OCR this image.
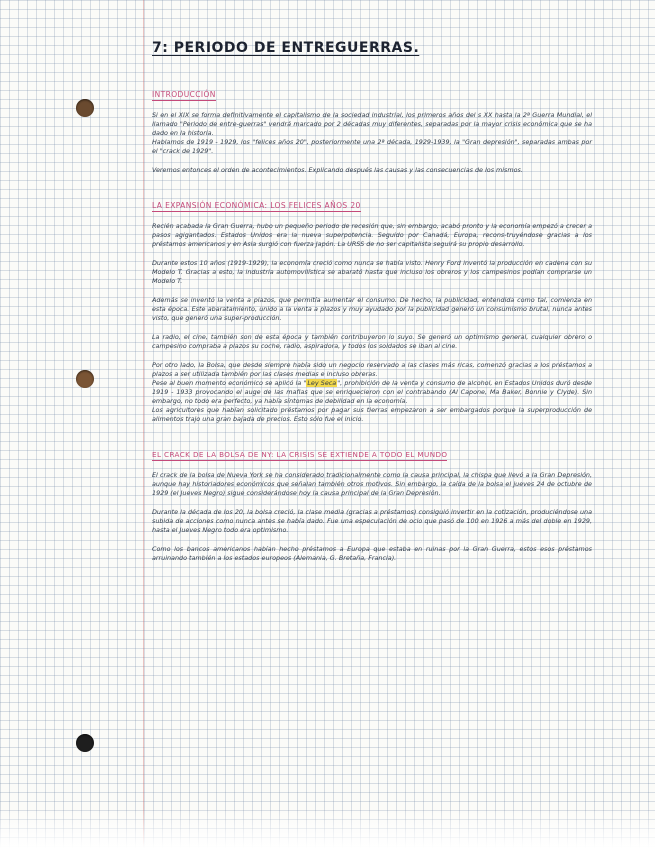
7: PERIODO DE ENTREGUERRAS.
INTRODUCCIÓN

Si en el XIX se forma definitivamente el capitalismo de la sociedad industrial, los primeros años del s XX hasta la 2ª Guerra Mundial, el llamado "Periodo de entre-guerras" vendrá marcado por 2 décadas muy diferentes, separadas por la mayor crisis económica que se ha dado en la historia.

Hablamos de 1919 - 1929, los "felices años 20", posteriormente una 2ª década, 1929-1939, la "Gran depresión", separadas ambas por el "crack de 1929".

Veremos entonces el orden de acontecimientos. Explicando después las causas y las consecuencias de los mismos.

LA EXPANSIÓN ECONÓMICA: LOS FELICES AÑOS 20

Recién acabada la Gran Guerra, hubo un pequeño periodo de recesión que, sin embargo, acabó pronto y la economía empezó a crecer a pasos agigantados. Estados Unidos era la nueva superpotencia. Seguido por Canadá, Europa, recons-truyéndose gracias a los préstamos americanos y en Asia surgió con fuerza Japón. La URSS de no ser capitalista seguirá su propio desarrollo.

Durante estos 10 años (1919-1929), la economía creció como nunca se había visto. Henry Ford inventó la producción en cadena con su Modelo T. Gracias a esto, la industria automovilística se abarató hasta que incluso los obreros y los campesinos podían comprarse un Modelo T.

Además se inventó la venta a plazos, que permitía aumentar el consumo. De hecho, la publicidad, entendida como tal, comienza en esta época. Este abaratamiento, unido a la venta a plazos y muy ayudado por la publicidad generó un consumismo brutal, nunca antes visto, que generó una super-producción.

La radio, el cine, también son de esta época y también contribuyeron lo suyo. Se generó un optimismo general, cualquier obrero o campesino compraba a plazos su coche, radio, aspiradora, y todos los soldados se iban al cine.

Por otro lado, la Bolsa, que desde siempre había sido un negocio reservado a las clases más ricas, comenzó gracias a los préstamos a plazos a ser utilizada también por las clases medias e incluso obreras.

Pese al buen momento económico se aplicó la "Ley Seca", prohibición de la venta y consumo de alcohol, en Estados Unidos duró desde 1919 - 1933 provocando el auge de las mafias que se enriquecieron con el contrabando (Al Capone, Ma Baker, Bonnie y Clyde). Sin embargo, no todo era perfecto, ya había síntomas de debilidad en la economía.

Los agricultores que habían solicitado préstamos por pagar sus tierras empezaron a ser embargados porque la superproducción de alimentos trajo una gran bajada de precios. Esto sólo fue el inicio.

EL CRACK DE LA BOLSA DE NY: LA CRISIS SE EXTIENDE A TODO EL MUNDO

El crack de la bolsa de Nueva York se ha considerado tradicionalmente como la causa principal, la chispa que llevó a la Gran Depresión, aunque hay historiadores económicos que señalan también otros motivos. Sin embargo, la caída de la bolsa el jueves 24 de octubre de 1929 (el Jueves Negro) sigue considerándose hoy la causa principal de la Gran Depresión.

Durante la década de los 20, la bolsa creció, la clase media (gracias a préstamos) consiguió invertir en la cotización, produciéndose una subida de acciones como nunca antes se había dado. Fue una especulación de ocio que pasó de 100 en 1926 a más del doble en 1929, hasta el Jueves Negro todo era optimismo.

Como los bancos americanos habían hecho préstamos a Europa que estaba en ruinas por la Gran Guerra, estos esos préstamos arruinando también a los estados europeos (Alemania, G. Bretaña, Francia).
